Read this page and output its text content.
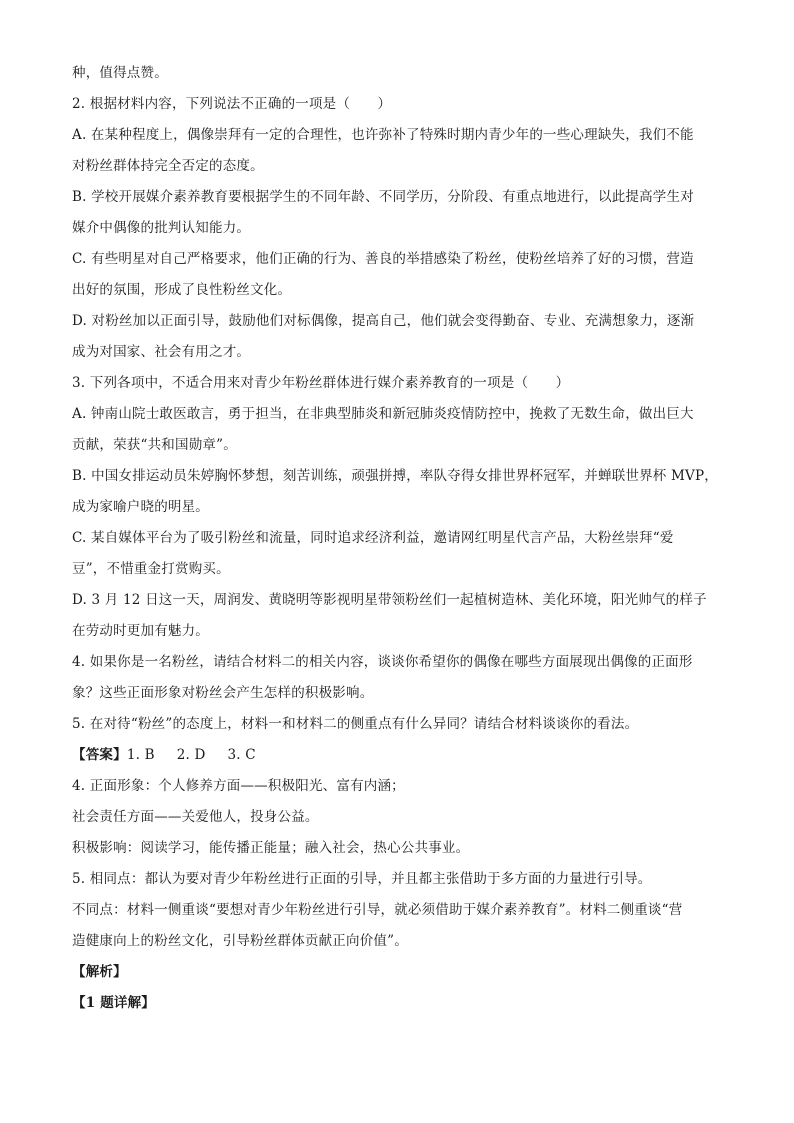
种，值得点赞。
2. 根据材料内容，下列说法不正确的一项是（　　）
A. 在某种程度上，偶像崇拜有一定的合理性，也许弥补了特殊时期内青少年的一些心理缺失，我们不能
对粉丝群体持完全否定的态度。
B. 学校开展媒介素养教育要根据学生的不同年龄、不同学历，分阶段、有重点地进行，以此提高学生对
媒介中偶像的批判认知能力。
C. 有些明星对自己严格要求，他们正确的行为、善良的举措感染了粉丝，使粉丝培养了好的习惯，营造
出好的氛围，形成了良性粉丝文化。
D. 对粉丝加以正面引导，鼓励他们对标偶像，提高自己，他们就会变得勤奋、专业、充满想象力，逐渐
成为对国家、社会有用之才。
3. 下列各项中，不适合用来对青少年粉丝群体进行媒介素养教育的一项是（　　）
A. 钟南山院士敢医敢言，勇于担当，在非典型肺炎和新冠肺炎疫情防控中，挽救了无数生命，做出巨大
贡献，荣获“共和国勋章”。
B. 中国女排运动员朱婷胸怀梦想，刻苦训练，顽强拼搏，率队夺得女排世界杯冠军，并蝉联世界杯 MVP，
成为家喻户晓的明星。
C. 某自媒体平台为了吸引粉丝和流量，同时追求经济利益，邀请网红明星代言产品，大粉丝崇拜“爱
豆”，不惜重金打赏购买。
D. 3 月 12 日这一天，周润发、黄晓明等影视明星带领粉丝们一起植树造林、美化环境，阳光帅气的样子
在劳动时更加有魅力。
4. 如果你是一名粉丝，请结合材料二的相关内容，谈谈你希望你的偶像在哪些方面展现出偶像的正面形
象？这些正面形象对粉丝会产生怎样的积极影响。
5. 在对待“粉丝”的态度上，材料一和材料二的侧重点有什么异同？请结合材料谈谈你的看法。
【答案】1. B 2. D 3. C
4. 正面形象：个人修养方面——积极阳光、富有内涵；
社会责任方面——关爱他人，投身公益。
积极影响：阅读学习，能传播正能量；融入社会，热心公共事业。
5. 相同点：都认为要对青少年粉丝进行正面的引导，并且都主张借助于多方面的力量进行引导。
不同点：材料一侧重谈“要想对青少年粉丝进行引导，就必须借助于媒介素养教育”。材料二侧重谈“营
造健康向上的粉丝文化，引导粉丝群体贡献正向价值”。
【解析】
【1 题详解】
